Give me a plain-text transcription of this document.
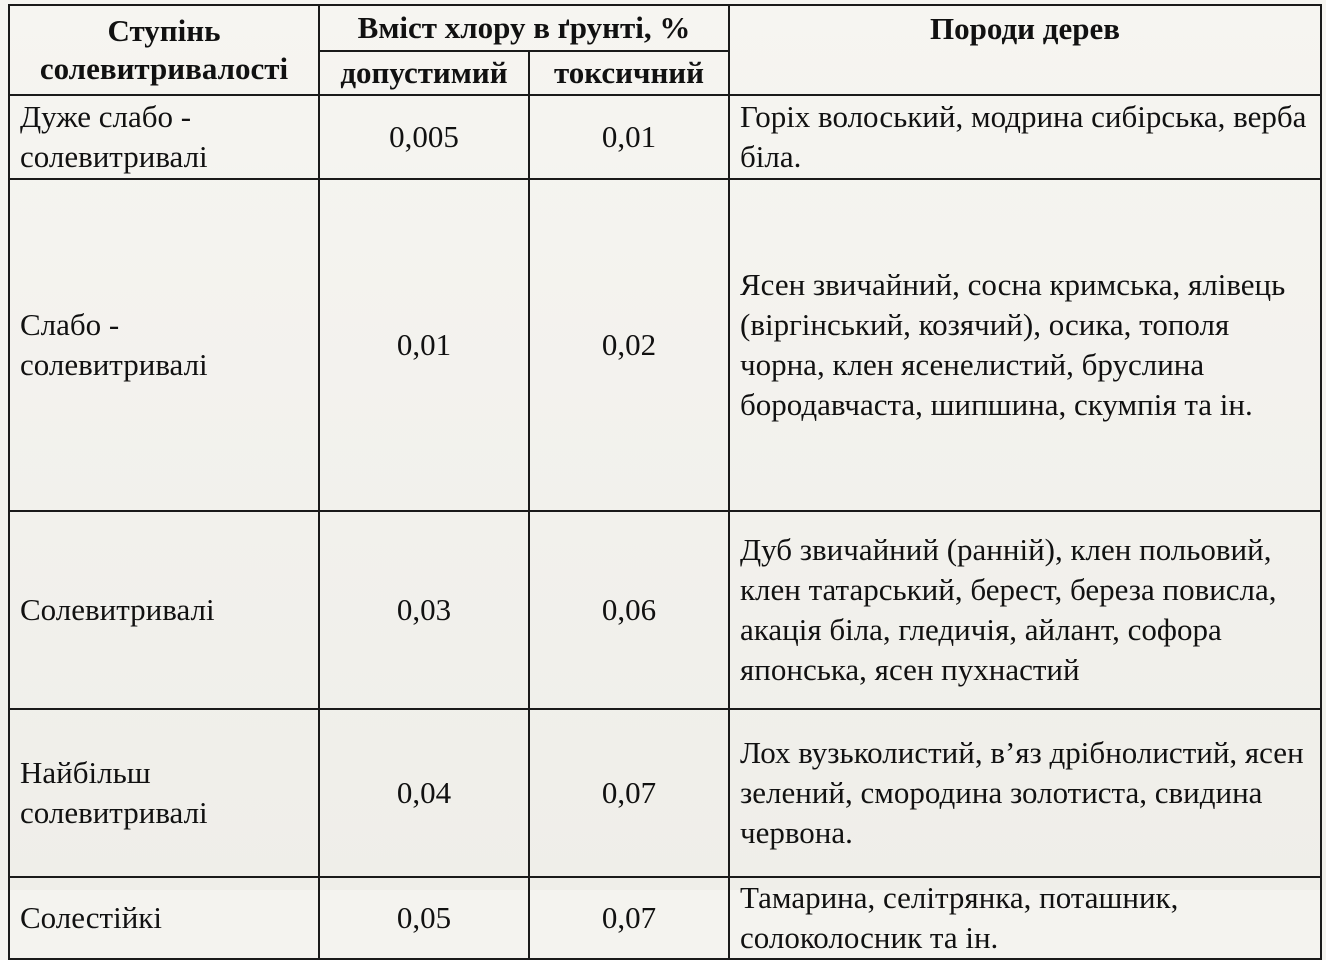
Ступінь солевитривалості	Вміст хлору в ґрунті, %		Породи дерев
	допустимий	токсичний	
Дуже слабо - солевитривалі	0,005	0,01	Горіх волоський, модрина сибірська, верба біла.
Слабо - солевитривалі	0,01	0,02	Ясен звичайний, сосна кримська, ялівець (віргінський, козячий), осика, тополя чорна, клен ясенелистий, бруслина бородавчаста, шипшина, скумпія та ін.
Солевитривалі	0,03	0,06	Дуб звичайний (ранній), клен польовий, клен татарський, берест, береза повисла, акація біла, гледичія, айлант, софора японська, ясен пухнастий
Найбільш солевитривалі	0,04	0,07	Лох вузьколистий, в’яз дрібнолистий, ясен зелений, смородина золотиста, свидина червона.
Солестійкі	0,05	0,07	Тамарина, селітрянка, поташник, солоколосник та ін.
